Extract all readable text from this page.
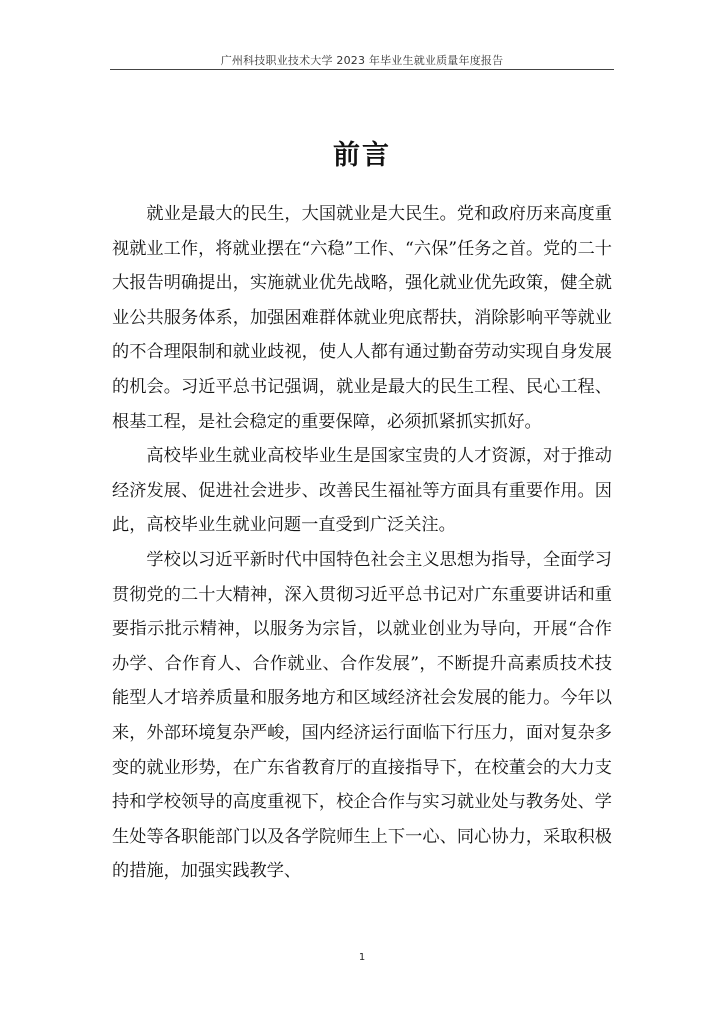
广州科技职业技术大学 2023 年毕业生就业质量年度报告
前言

就业是最大的民生，大国就业是大民生。党和政府历来高度重视就业工作，将就业摆在“六稳”工作、“六保”任务之首。党的二十大报告明确提出，实施就业优先战略，强化就业优先政策，健全就业公共服务体系，加强困难群体就业兜底帮扶，消除影响平等就业的不合理限制和就业歧视，使人人都有通过勤奋劳动实现自身发展的机会。习近平总书记强调，就业是最大的民生工程、民心工程、根基工程，是社会稳定的重要保障，必须抓紧抓实抓好。

高校毕业生就业高校毕业生是国家宝贵的人才资源，对于推动经济发展、促进社会进步、改善民生福祉等方面具有重要作用。因此，高校毕业生就业问题一直受到广泛关注。

学校以习近平新时代中国特色社会主义思想为指导，全面学习贯彻党的二十大精神，深入贯彻习近平总书记对广东重要讲话和重要指示批示精神，以服务为宗旨，以就业创业为导向，开展“合作办学、合作育人、合作就业、合作发展”，不断提升高素质技术技能型人才培养质量和服务地方和区域经济社会发展的能力。今年以来，外部环境复杂严峻，国内经济运行面临下行压力，面对复杂多变的就业形势，在广东省教育厅的直接指导下，在校董会的大力支持和学校领导的高度重视下，校企合作与实习就业处与教务处、学生处等各职能部门以及各学院师生上下一心、同心协力，采取积极的措施，加强实践教学、

1
